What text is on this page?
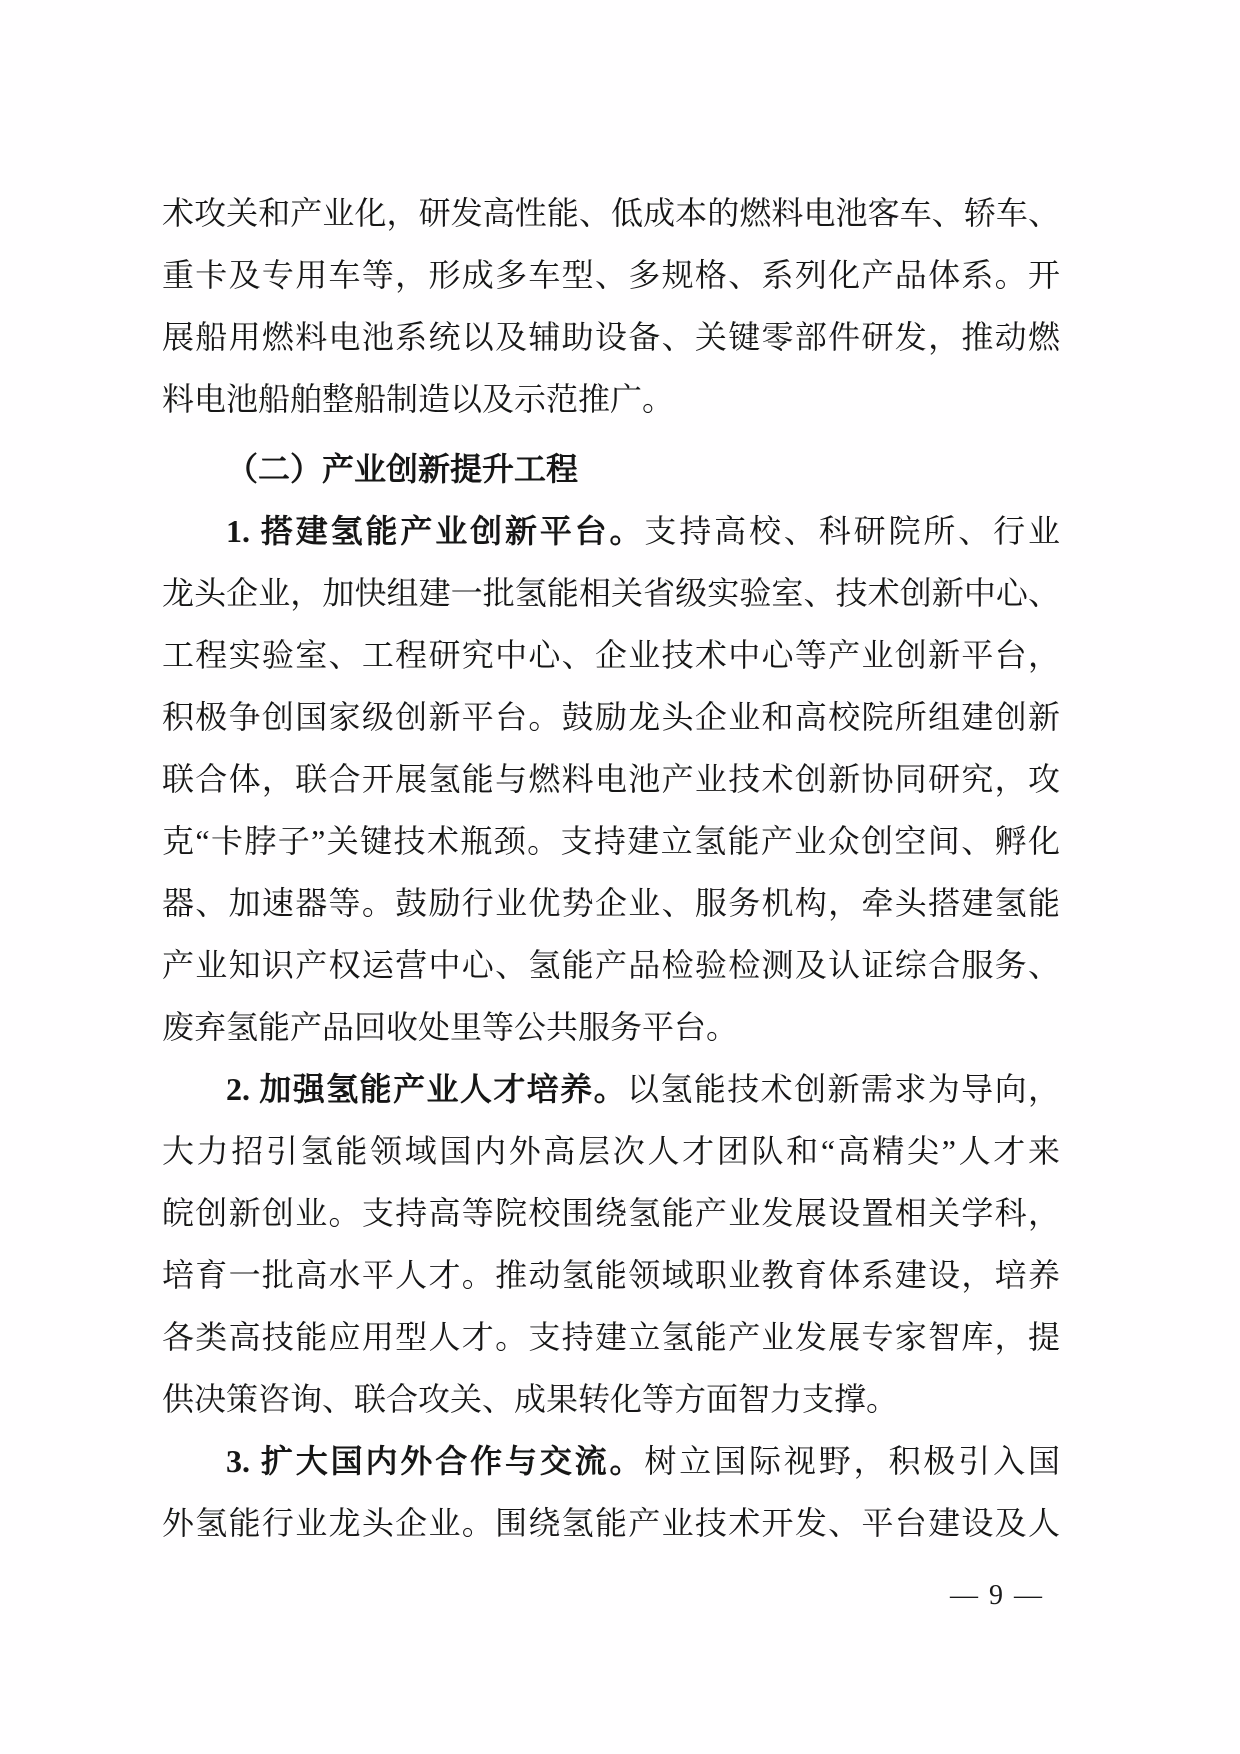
术攻关和产业化，研发高性能、低成本的燃料电池客车、轿车、
重卡及专用车等，形成多车型、多规格、系列化产品体系。开
展船用燃料电池系统以及辅助设备、关键零部件研发，推动燃
料电池船舶整船制造以及示范推广。
（二）产业创新提升工程
1. 搭建氢能产业创新平台。支持高校、科研院所、行业
龙头企业，加快组建一批氢能相关省级实验室、技术创新中心、
工程实验室、工程研究中心、企业技术中心等产业创新平台，
积极争创国家级创新平台。鼓励龙头企业和高校院所组建创新
联合体，联合开展氢能与燃料电池产业技术创新协同研究，攻
克“卡脖子”关键技术瓶颈。支持建立氢能产业众创空间、孵化
器、加速器等。鼓励行业优势企业、服务机构，牵头搭建氢能
产业知识产权运营中心、氢能产品检验检测及认证综合服务、
废弃氢能产品回收处里等公共服务平台。
2. 加强氢能产业人才培养。以氢能技术创新需求为导向，
大力招引氢能领域国内外高层次人才团队和“高精尖”人才来
皖创新创业。支持高等院校围绕氢能产业发展设置相关学科，
培育一批高水平人才。推动氢能领域职业教育体系建设，培养
各类高技能应用型人才。支持建立氢能产业发展专家智库，提
供决策咨询、联合攻关、成果转化等方面智力支撑。
3. 扩大国内外合作与交流。树立国际视野，积极引入国
外氢能行业龙头企业。围绕氢能产业技术开发、平台建设及人
— 9 —
